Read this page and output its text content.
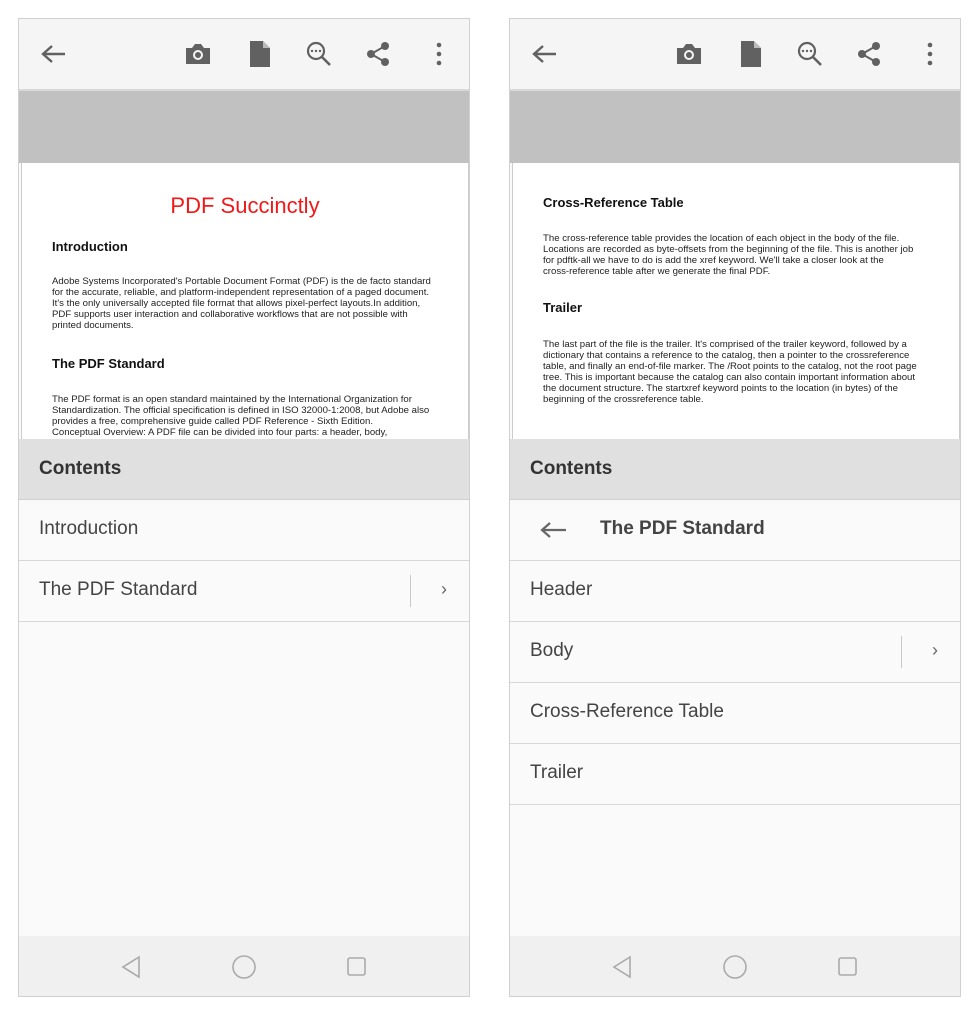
PDF Succinctly
Introduction
Adobe Systems Incorporated's Portable Document Format (PDF) is the de facto standard
for the accurate, reliable, and platform-independent representation of a paged document.
It's the only universally accepted file format that allows pixel-perfect layouts.In addition,
PDF supports user interaction and collaborative workflows that are not possible with
printed documents.
The PDF Standard
The PDF format is an open standard maintained by the International Organization for
Standardization. The official specification is defined in ISO 32000-1:2008, but Adobe also
provides a free, comprehensive guide called PDF Reference - Sixth Edition.
Conceptual Overview: A PDF file can be divided into four parts: a header, body,
Contents
Introduction
The PDF Standard	›
Cross-Reference Table
The cross-reference table provides the location of each object in the body of the file.
Locations are recorded as byte-offsets from the beginning of the file. This is another job
for pdftk-all we have to do is add the xref keyword. We'll take a closer look at the
cross-reference table after we generate the final PDF.
Trailer
The last part of the file is the trailer. It's comprised of the trailer keyword, followed by a
dictionary that contains a reference to the catalog, then a pointer to the crossreference
table, and finally an end-of-file marker. The /Root points to the catalog, not the root page
tree. This is important because the catalog can also contain important information about
the document structure. The startxref keyword points to the location (in bytes) of the
beginning of the crossreference table.
Contents
The PDF Standard
Header
Body	›
Cross-Reference Table
Trailer
